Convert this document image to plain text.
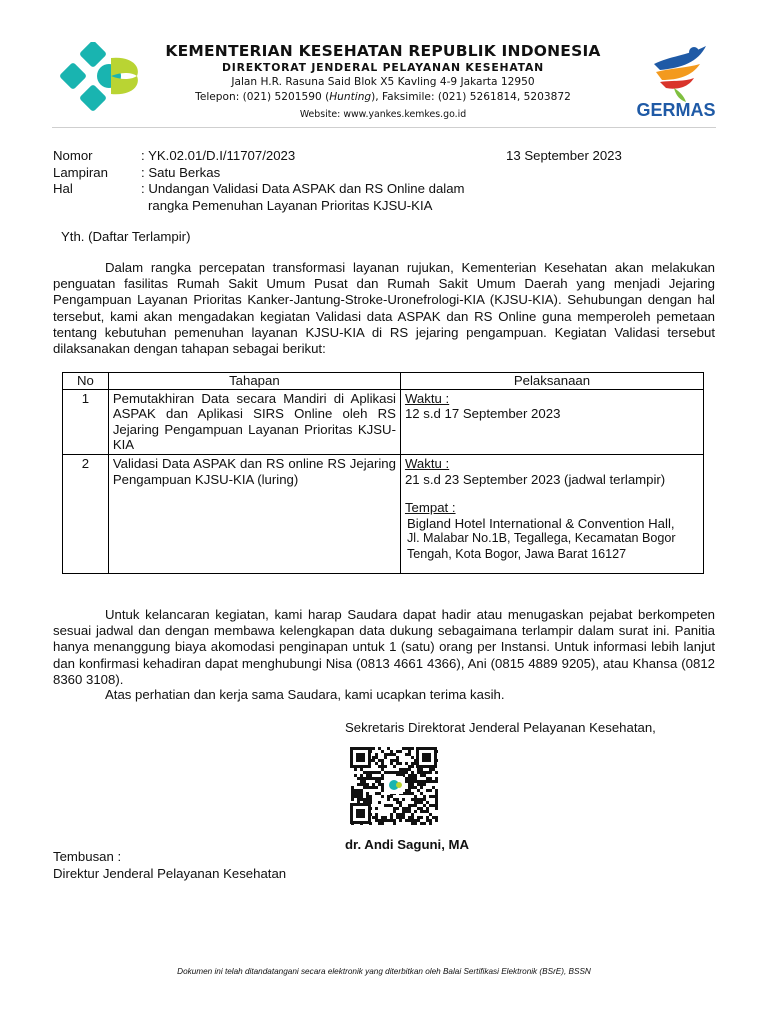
KEMENTERIAN KESEHATAN REPUBLIK INDONESIA
DIREKTORAT JENDERAL PELAYANAN KESEHATAN
Jalan H.R. Rasuna Said Blok X5 Kavling 4-9 Jakarta 12950
Telepon: (021) 5201590 (Hunting), Faksimile: (021) 5261814, 5203872
Website: www.yankes.kemkes.go.id	GERMAS
Nomor	: YK.02.01/D.I/11707/2023
Lampiran	: Satu Berkas
Hal	: Undangan Validasi Data ASPAK dan RS Online dalam
rangka Pemenuhan Layanan Prioritas KJSU-KIA
13 September 2023
Yth. (Daftar Terlampir)
Dalam rangka percepatan transformasi layanan rujukan, Kementerian Kesehatan akan melakukan penguatan fasilitas Rumah Sakit Umum Pusat dan Rumah Sakit Umum Daerah yang menjadi Jejaring Pengampuan Layanan Prioritas Kanker-Jantung-Stroke-Uronefrologi-KIA (KJSU-KIA). Sehubungan dengan hal tersebut, kami akan mengadakan kegiatan Validasi data ASPAK dan RS Online guna memperoleh pemetaan tentang kebutuhan pemenuhan layanan KJSU-KIA di RS jejaring pengampuan. Kegiatan Validasi tersebut dilaksanakan dengan tahapan sebagai berikut:
No	Tahapan	Pelaksanaan
1	Pemutakhiran Data secara Mandiri di Aplikasi ASPAK dan Aplikasi SIRS Online oleh RS Jejaring Pengampuan Layanan Prioritas KJSU-KIA	Waktu :
12 s.d 17 September 2023

2	Validasi Data ASPAK dan RS online RS Jejaring Pengampuan KJSU-KIA (luring)	Waktu :
21 s.d 23 September 2023 (jadwal terlampir)
Tempat :
Bigland Hotel International & Convention Hall,
Jl. Malabar No.1B, Tegallega, Kecamatan Bogor Tengah, Kota Bogor, Jawa Barat 16127
Untuk kelancaran kegiatan, kami harap Saudara dapat hadir atau menugaskan pejabat berkompeten sesuai jadwal dan dengan membawa kelengkapan data dukung sebagaimana terlampir dalam surat ini. Panitia hanya menanggung biaya akomodasi penginapan untuk 1 (satu) orang per Instansi. Untuk informasi lebih lanjut dan konfirmasi kehadiran dapat menghubungi Nisa (0813 4661 4366), Ani (0815 4889 9205), atau Khansa (0812 8360 3108).
Atas perhatian dan kerja sama Saudara, kami ucapkan terima kasih.
Sekretaris Direktorat Jenderal Pelayanan Kesehatan,
dr. Andi Saguni, MA
Tembusan :
Direktur Jenderal Pelayanan Kesehatan
Dokumen ini telah ditandatangani secara elektronik yang diterbitkan oleh Balai Sertifikasi Elektronik (BSrE), BSSN
